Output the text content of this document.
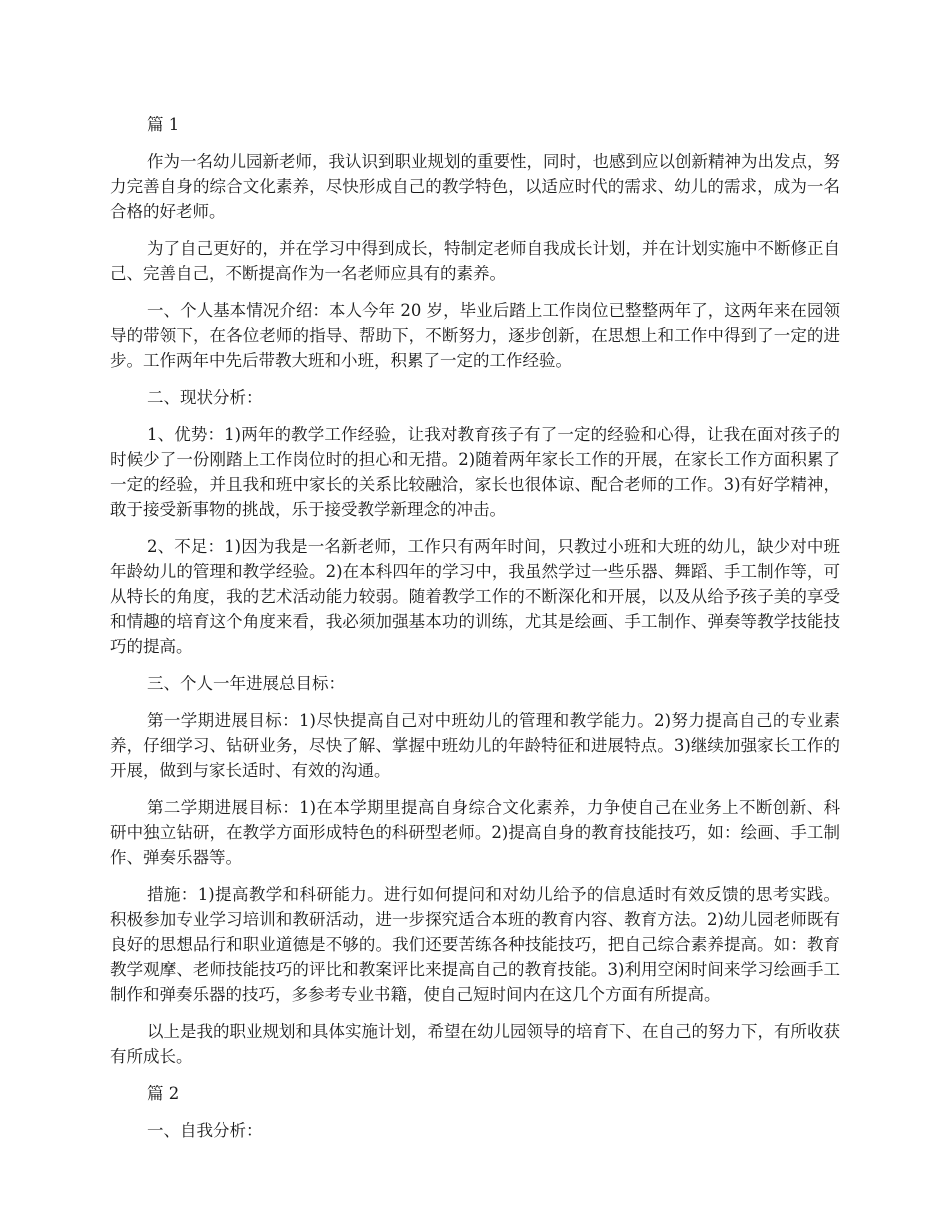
篇 1

作为一名幼儿园新老师，我认识到职业规划的重要性，同时，也感到应以创新精神为出发点，努力完善自身的综合文化素养，尽快形成自己的教学特色，以适应时代的需求、幼儿的需求，成为一名合格的好老师。

为了自己更好的，并在学习中得到成长，特制定老师自我成长计划，并在计划实施中不断修正自己、完善自己，不断提高作为一名老师应具有的素养。

一、个人基本情况介绍：本人今年 20 岁，毕业后踏上工作岗位已整整两年了，这两年来在园领导的带领下，在各位老师的指导、帮助下，不断努力，逐步创新，在思想上和工作中得到了一定的进步。工作两年中先后带教大班和小班，积累了一定的工作经验。

二、现状分析：

1、优势：1)两年的教学工作经验，让我对教育孩子有了一定的经验和心得，让我在面对孩子的时候少了一份刚踏上工作岗位时的担心和无措。2)随着两年家长工作的开展，在家长工作方面积累了一定的经验，并且我和班中家长的关系比较融洽，家长也很体谅、配合老师的工作。3)有好学精神，敢于接受新事物的挑战，乐于接受教学新理念的冲击。

2、不足：1)因为我是一名新老师，工作只有两年时间，只教过小班和大班的幼儿，缺少对中班年龄幼儿的管理和教学经验。2)在本科四年的学习中，我虽然学过一些乐器、舞蹈、手工制作等，可从特长的角度，我的艺术活动能力较弱。随着教学工作的不断深化和开展，以及从给予孩子美的享受和情趣的培育这个角度来看，我必须加强基本功的训练，尤其是绘画、手工制作、弹奏等教学技能技巧的提高。

三、个人一年进展总目标：

第一学期进展目标：1)尽快提高自己对中班幼儿的管理和教学能力。2)努力提高自己的专业素养，仔细学习、钻研业务，尽快了解、掌握中班幼儿的年龄特征和进展特点。3)继续加强家长工作的开展，做到与家长适时、有效的沟通。

第二学期进展目标：1)在本学期里提高自身综合文化素养，力争使自己在业务上不断创新、科研中独立钻研，在教学方面形成特色的科研型老师。2)提高自身的教育技能技巧，如：绘画、手工制作、弹奏乐器等。

措施：1)提高教学和科研能力。进行如何提问和对幼儿给予的信息适时有效反馈的思考实践。积极参加专业学习培训和教研活动，进一步探究适合本班的教育内容、教育方法。2)幼儿园老师既有良好的思想品行和职业道德是不够的。我们还要苦练各种技能技巧，把自己综合素养提高。如：教育教学观摩、老师技能技巧的评比和教案评比来提高自己的教育技能。3)利用空闲时间来学习绘画手工制作和弹奏乐器的技巧，多参考专业书籍，使自己短时间内在这几个方面有所提高。

以上是我的职业规划和具体实施计划，希望在幼儿园领导的培育下、在自己的努力下，有所收获有所成长。

篇 2

一、自我分析：
